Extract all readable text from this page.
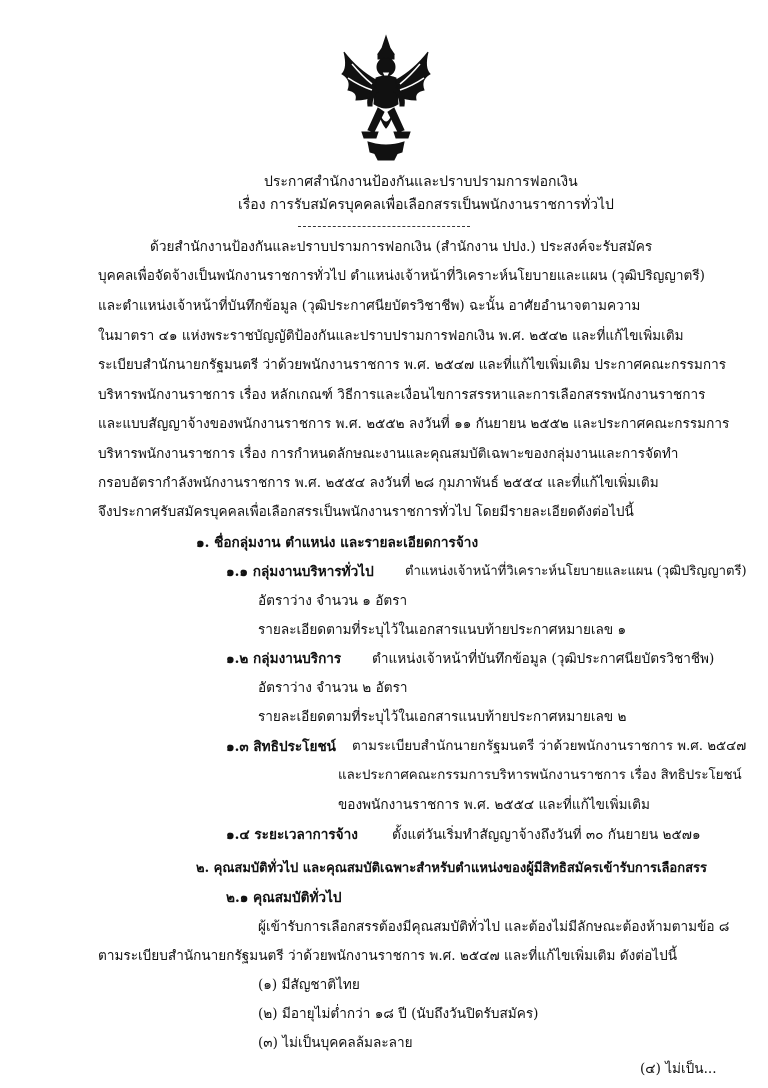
ประกาศสำนักงานป้องกันและปราบปรามการฟอกเงิน
เรื่อง การรับสมัครบุคคลเพื่อเลือกสรรเป็นพนักงานราชการทั่วไป
ด้วยสำนักงานป้องกันและปราบปรามการฟอกเงิน (สำนักงาน ปปง.) ประสงค์จะรับสมัคร
บุคคลเพื่อจัดจ้างเป็นพนักงานราชการทั่วไป ตำแหน่งเจ้าหน้าที่วิเคราะห์นโยบายและแผน (วุฒิปริญญาตรี)
และตำแหน่งเจ้าหน้าที่บันทึกข้อมูล (วุฒิประกาศนียบัตรวิชาชีพ) ฉะนั้น อาศัยอำนาจตามความ
ในมาตรา ๔๑ แห่งพระราชบัญญัติป้องกันและปราบปรามการฟอกเงิน พ.ศ. ๒๕๔๒ และที่แก้ไขเพิ่มเติม
ระเบียบสำนักนายกรัฐมนตรี ว่าด้วยพนักงานราชการ พ.ศ. ๒๕๔๗ และที่แก้ไขเพิ่มเติม ประกาศคณะกรรมการ
บริหารพนักงานราชการ เรื่อง หลักเกณฑ์ วิธีการและเงื่อนไขการสรรหาและการเลือกสรรพนักงานราชการ
และแบบสัญญาจ้างของพนักงานราชการ พ.ศ. ๒๕๕๒ ลงวันที่ ๑๑ กันยายน ๒๕๕๒ และประกาศคณะกรรมการ
บริหารพนักงานราชการ เรื่อง การกำหนดลักษณะงานและคุณสมบัติเฉพาะของกลุ่มงานและการจัดทำ
กรอบอัตรากำลังพนักงานราชการ พ.ศ. ๒๕๕๔ ลงวันที่ ๒๘ กุมภาพันธ์ ๒๕๕๔ และที่แก้ไขเพิ่มเติม
จึงประกาศรับสมัครบุคคลเพื่อเลือกสรรเป็นพนักงานราชการทั่วไป โดยมีรายละเอียดดังต่อไปนี้
๑. ชื่อกลุ่มงาน ตำแหน่ง และรายละเอียดการจ้าง
๑.๑ กลุ่มงานบริหารทั่วไป ตำแหน่งเจ้าหน้าที่วิเคราะห์นโยบายและแผน (วุฒิปริญญาตรี)
อัตราว่าง จำนวน ๑ อัตรา
รายละเอียดตามที่ระบุไว้ในเอกสารแนบท้ายประกาศหมายเลข ๑
๑.๒ กลุ่มงานบริการ ตำแหน่งเจ้าหน้าที่บันทึกข้อมูล (วุฒิประกาศนียบัตรวิชาชีพ)
อัตราว่าง จำนวน ๒ อัตรา
รายละเอียดตามที่ระบุไว้ในเอกสารแนบท้ายประกาศหมายเลข ๒
๑.๓ สิทธิประโยชน์ ตามระเบียบสำนักนายกรัฐมนตรี ว่าด้วยพนักงานราชการ พ.ศ. ๒๕๔๗
และประกาศคณะกรรมการบริหารพนักงานราชการ เรื่อง สิทธิประโยชน์
ของพนักงานราชการ พ.ศ. ๒๕๕๔ และที่แก้ไขเพิ่มเติม
๑.๔ ระยะเวลาการจ้าง	ตั้งแต่วันเริ่มทำสัญญาจ้างถึงวันที่ ๓๐ กันยายน ๒๕๗๑
๒. คุณสมบัติทั่วไป และคุณสมบัติเฉพาะสำหรับตำแหน่งของผู้มีสิทธิสมัครเข้ารับการเลือกสรร
๒.๑ คุณสมบัติทั่วไป
ผู้เข้ารับการเลือกสรรต้องมีคุณสมบัติทั่วไป และต้องไม่มีลักษณะต้องห้ามตามข้อ ๘
ตามระเบียบสำนักนายกรัฐมนตรี ว่าด้วยพนักงานราชการ พ.ศ. ๒๕๔๗ และที่แก้ไขเพิ่มเติม ดังต่อไปนี้
(๑) มีสัญชาติไทย
(๒) มีอายุไม่ต่ำกว่า ๑๘ ปี (นับถึงวันปิดรับสมัคร)
(๓) ไม่เป็นบุคคลล้มละลาย
(๔) ไม่เป็น...
